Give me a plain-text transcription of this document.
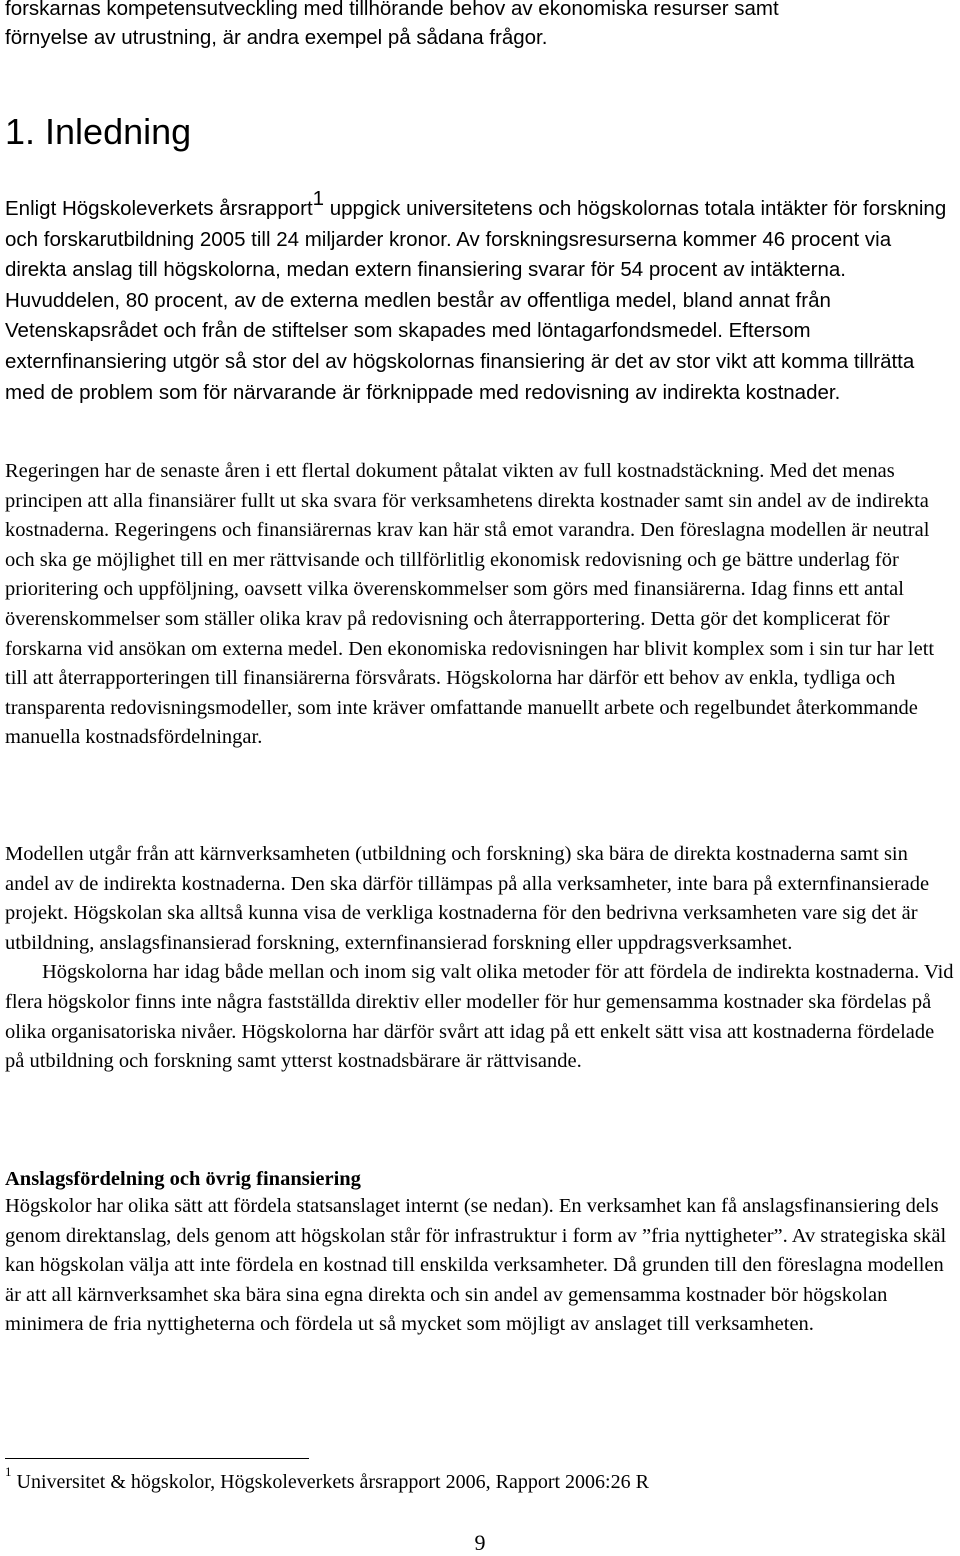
forskarnas kompetensutveckling med tillhörande behov av ekonomiska resurser samt
förnyelse av utrustning, är andra exempel på sådana frågor.
1. Inledning

Enligt Högskoleverkets årsrapport$^1$ uppgick universitetens och högskolornas totala intäkter för forskning och forskarutbildning 2005 till 24 miljarder kronor. Av forskningsresurserna kommer 46 procent via direkta anslag till högskolorna, medan extern finansiering svarar för 54 procent av intäkterna. Huvuddelen, 80 procent, av de externa medlen består av offentliga medel, bland annat från Vetenskapsrådet och från de stiftelser som skapades med löntagarfondsmedel. Eftersom externfinansiering utgör så stor del av högskolornas finansiering är det av stor vikt att komma tillrätta med de problem som för närvarande är förknippade med redovisning av indirekta kostnader.

Regeringen har de senaste åren i ett flertal dokument påtalat vikten av full kostnadstäckning. Med det menas principen att alla finansiärer fullt ut ska svara för verksamhetens direkta kostnader samt sin andel av de indirekta kostnaderna. Regeringens och finansiärernas krav kan här stå emot varandra. Den föreslagna modellen är neutral och ska ge möjlighet till en mer rättvisande och tillförlitlig ekonomisk redovisning och ge bättre underlag för prioritering och uppföljning, oavsett vilka överenskommelser som görs med finansiärerna. Idag finns ett antal överenskommelser som ställer olika krav på redovisning och återrapportering. Detta gör det komplicerat för forskarna vid ansökan om externa medel. Den ekonomiska redovisningen har blivit komplex som i sin tur har lett till att återrapporteringen till finansiärerna försvårats. Högskolorna har därför ett behov av enkla, tydliga och transparenta redovisningsmodeller, som inte kräver omfattande manuellt arbete och regelbundet återkommande manuella kostnadsfördelningar.

Modellen utgår från att kärnverksamheten (utbildning och forskning) ska bära de direkta kostnaderna samt sin andel av de indirekta kostnaderna. Den ska därför tillämpas på alla verksamheter, inte bara på externfinansierade projekt. Högskolan ska alltså kunna visa de verkliga kostnaderna för den bedrivna verksamheten vare sig det är utbildning, anslagsfinansierad forskning, externfinansierad forskning eller uppdragsverksamhet.
Högskolorna har idag både mellan och inom sig valt olika metoder för att fördela de indirekta kostnaderna. Vid flera högskolor finns inte några fastställda direktiv eller modeller för hur gemensamma kostnader ska fördelas på olika organisatoriska nivåer. Högskolorna har därför svårt att idag på ett enkelt sätt visa att kostnaderna fördelade på utbildning och forskning samt ytterst kostnadsbärare är rättvisande.
Anslagsfördelning och övrig finansiering

Högskolor har olika sätt att fördela statsanslaget internt (se nedan). En verksamhet kan få anslagsfinansiering dels genom direktanslag, dels genom att högskolan står för infrastruktur i form av ”fria nyttigheter”. Av strategiska skäl kan högskolan välja att inte fördela en kostnad till enskilda verksamheter. Då grunden till den föreslagna modellen är att all kärnverksamhet ska bära sina egna direkta och sin andel av gemensamma kostnader bör högskolan minimera de fria nyttigheterna och fördela ut så mycket som möjligt av anslaget till verksamheten.

$^1$ Universitet & högskolor, Högskoleverkets årsrapport 2006, Rapport 2006:26 R

9
